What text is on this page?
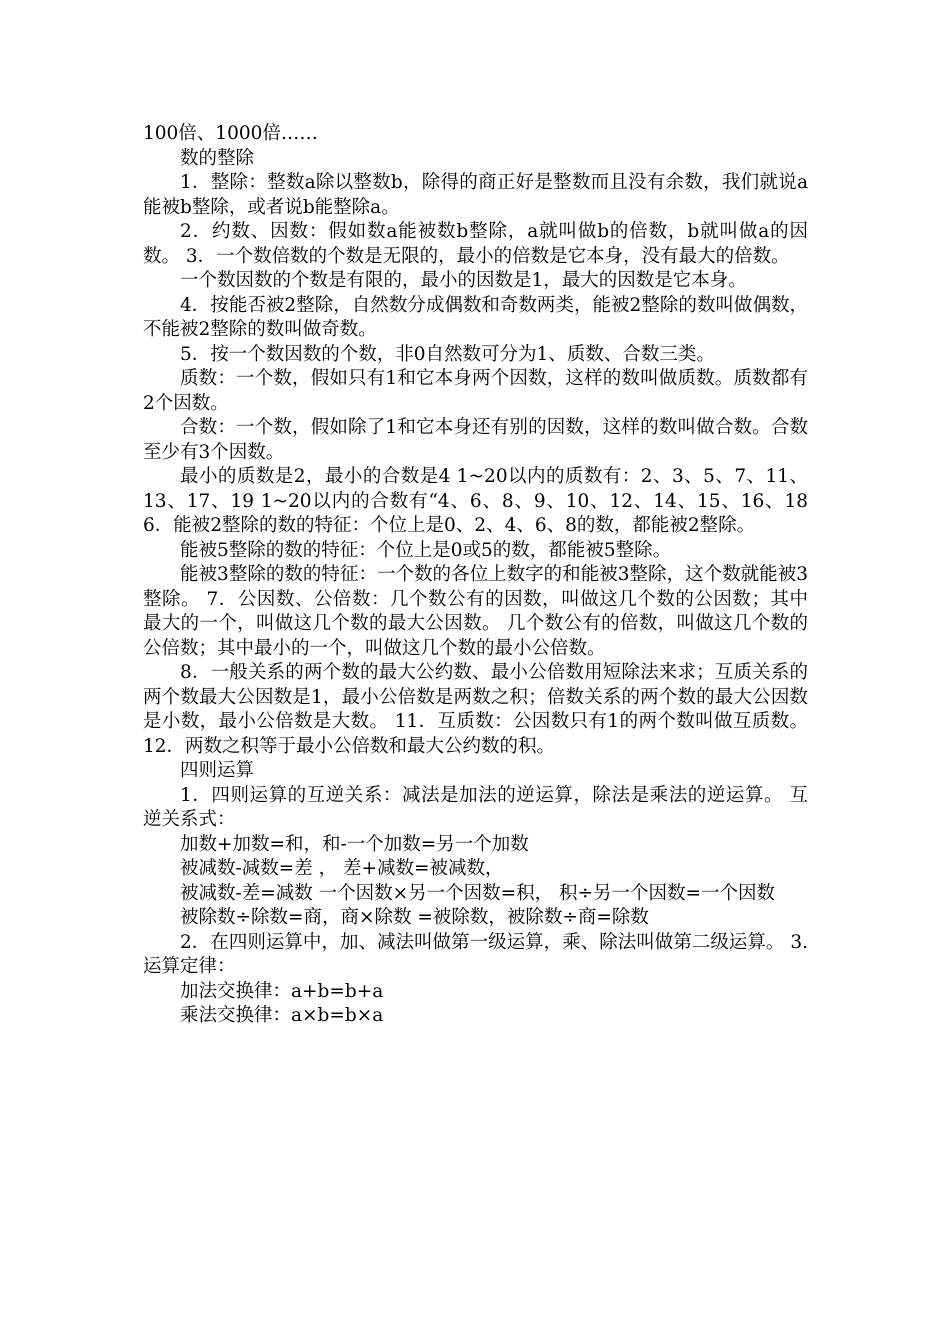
100倍、1000倍……

数的整除

1．整除：整数a除以整数b，除得的商正好是整数而且没有余数，我们就说a能被b整除，或者说b能整除a。

2．约数、因数：假如数a能被数b整除，a就叫做b的倍数，b就叫做a的因数。 3．一个数倍数的个数是无限的，最小的倍数是它本身，没有最大的倍数。

一个数因数的个数是有限的，最小的因数是1，最大的因数是它本身。

4．按能否被2整除，自然数分成偶数和奇数两类，能被2整除的数叫做偶数，不能被2整除的数叫做奇数。

5．按一个数因数的个数，非0自然数可分为1、质数、合数三类。

质数：一个数，假如只有1和它本身两个因数，这样的数叫做质数。质数都有2个因数。

合数：一个数，假如除了1和它本身还有别的因数，这样的数叫做合数。合数至少有3个因数。

最小的质数是2，最小的合数是4 1~20以内的质数有：2、3、5、7、11、13、17、19 1~20以内的合数有“4、6、8、9、10、12、14、15、16、18 6．能被2整除的数的特征：个位上是0、2、4、6、8的数，都能被2整除。

能被5整除的数的特征：个位上是0或5的数，都能被5整除。

能被3整除的数的特征：一个数的各位上数字的和能被3整除，这个数就能被3整除。 7．公因数、公倍数：几个数公有的因数，叫做这几个数的公因数；其中最大的一个，叫做这几个数的最大公因数。 几个数公有的倍数，叫做这几个数的公倍数；其中最小的一个，叫做这几个数的最小公倍数。

8．一般关系的两个数的最大公约数、最小公倍数用短除法来求；互质关系的两个数最大公因数是1，最小公倍数是两数之积；倍数关系的两个数的最大公因数是小数，最小公倍数是大数。 11．互质数：公因数只有1的两个数叫做互质数。 12．两数之积等于最小公倍数和最大公约数的积。

四则运算

1．四则运算的互逆关系：减法是加法的逆运算，除法是乘法的逆运算。 互逆关系式：

加数+加数=和，和-一个加数=另一个加数

被减数-减数=差 ， 差+减数=被减数，

被减数-差=减数 一个因数×另一个因数=积， 积÷另一个因数=一个因数

被除数÷除数=商，商×除数 =被除数，被除数÷商=除数

2．在四则运算中，加、减法叫做第一级运算，乘、除法叫做第二级运算。 3.运算定律：

加法交换律：a+b=b+a

乘法交换律：a×b=b×a
